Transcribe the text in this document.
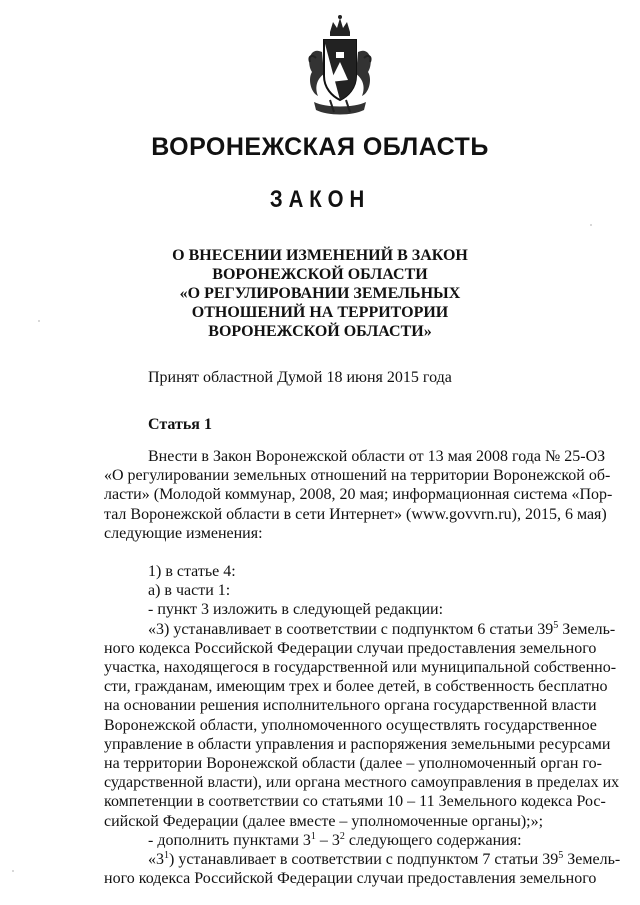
ВОРОНЕЖСКАЯ ОБЛАСТЬ
ЗАКОН
О ВНЕСЕНИИ ИЗМЕНЕНИЙ В ЗАКОН
ВОРОНЕЖСКОЙ ОБЛАСТИ
«О РЕГУЛИРОВАНИИ ЗЕМЕЛЬНЫХ
ОТНОШЕНИЙ НА ТЕРРИТОРИИ
ВОРОНЕЖСКОЙ ОБЛАСТИ»
Принят областной Думой 18 июня 2015 года
Статья 1

Внести в Закон Воронежской области от 13 мая 2008 года № 25-ОЗ

«О регулировании земельных отношений на территории Воронежской об-

ласти» (Молодой коммунар, 2008, 20 мая; информационная система «Пор-

тал Воронежской области в сети Интернет» (www.govvrn.ru), 2015, 6 мая)

следующие изменения:

1) в статье 4:

а) в части 1:

- пункт 3 изложить в следующей редакции:

«3) устанавливает в соответствии с подпунктом 6 статьи $39^5$ Земель-

ного кодекса Российской Федерации случаи предоставления земельного

участка, находящегося в государственной или муниципальной собственно-

сти, гражданам, имеющим трех и более детей, в собственность бесплатно

на основании решения исполнительного органа государственной власти

Воронежской области, уполномоченного осуществлять государственное

управление в области управления и распоряжения земельными ресурсами

на территории Воронежской области (далее – уполномоченный орган го-

сударственной власти), или органа местного самоуправления в пределах их

компетенции в соответствии со статьями 10 – 11 Земельного кодекса Рос-

сийской Федерации (далее вместе – уполномоченные органы);»;

- дополнить пунктами $3^1 - 3^2$ следующего содержания:

«$3^1$) устанавливает в соответствии с подпунктом 7 статьи $39^5$ Земель-

ного кодекса Российской Федерации случаи предоставления земельного
